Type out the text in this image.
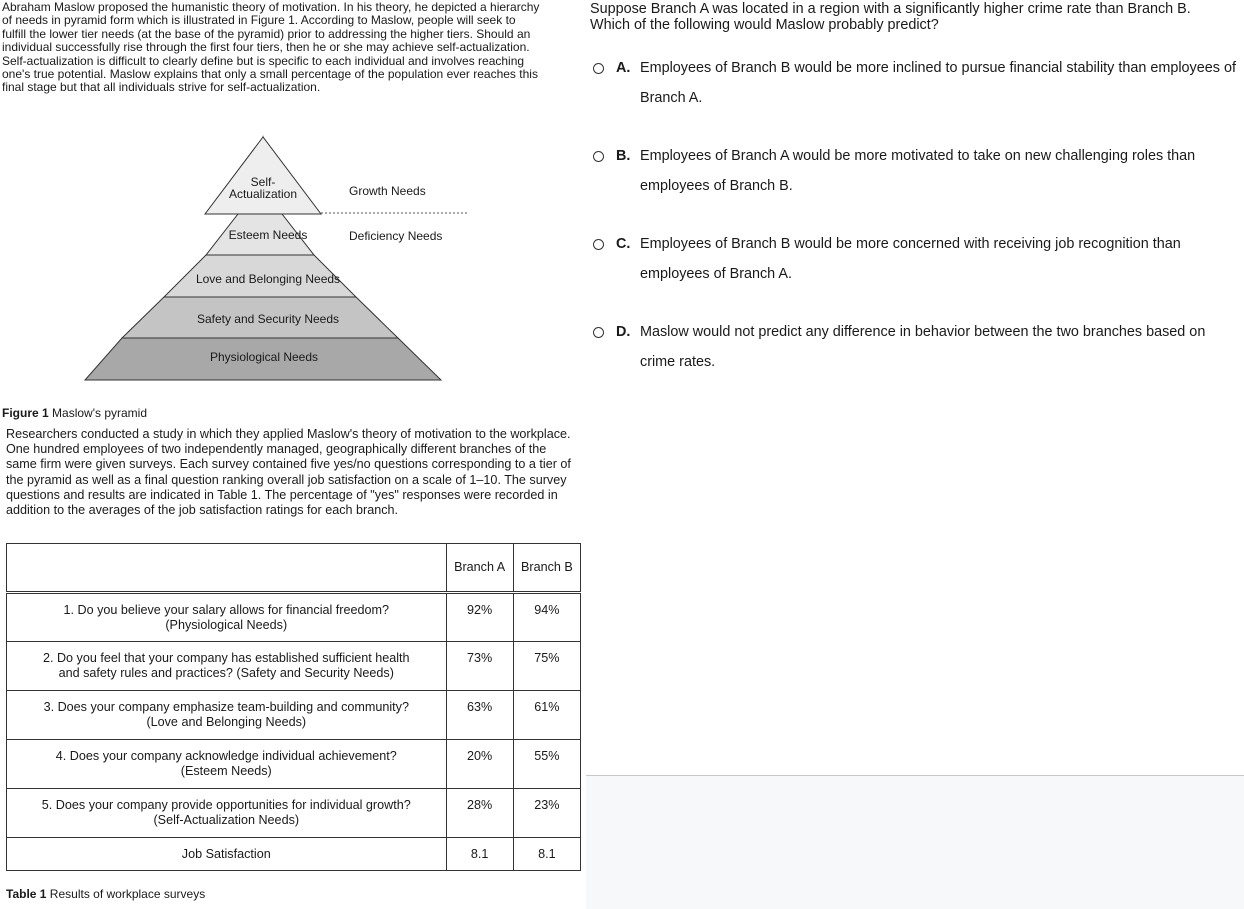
Abraham Maslow proposed the humanistic theory of motivation. In his theory, he depicted a hierarchy of needs in pyramid form which is illustrated in Figure 1. According to Maslow, people will seek to fulfill the lower tier needs (at the base of the pyramid) prior to addressing the higher tiers. Should an individual successfully rise through the first four tiers, then he or she may achieve self-actualization. Self-actualization is difficult to clearly define but is specific to each individual and involves reaching one's true potential. Maslow explains that only a small percentage of the population ever reaches this final stage but that all individuals strive for self-actualization.

Self-
Actualization
Esteem Needs
Love and Belonging Needs
Safety and Security Needs
Physiological Needs
Growth Needs
Deficiency Needs

Figure 1 Maslow's pyramid

Researchers conducted a study in which they applied Maslow's theory of motivation to the workplace. One hundred employees of two independently managed, geographically different branches of the same firm were given surveys. Each survey contained five yes/no questions corresponding to a tier of the pyramid as well as a final question ranking overall job satisfaction on a scale of 1–10. The survey questions and results are indicated in Table 1. The percentage of "yes" responses were recorded in addition to the averages of the job satisfaction ratings for each branch.

	Branch A	Branch B
1. Do you believe your salary allows for financial freedom?
(Physiological Needs)	92%	94%
2. Do you feel that your company has established sufficient health
and safety rules and practices? (Safety and Security Needs)	73%	75%
3. Does your company emphasize team-building and community?
(Love and Belonging Needs)	63%	61%
4. Does your company acknowledge individual achievement?
(Esteem Needs)	20%	55%
5. Does your company provide opportunities for individual growth?
(Self-Actualization Needs)	28%	23%
Job Satisfaction	8.1	8.1

Table 1 Results of workplace surveys

Suppose Branch A was located in a region with a significantly higher crime rate than Branch B. Which of the following would Maslow probably predict?

A. Employees of Branch B would be more inclined to pursue financial stability than employees of Branch A.
B. Employees of Branch A would be more motivated to take on new challenging roles than employees of Branch B.
C. Employees of Branch B would be more concerned with receiving job recognition than employees of Branch A.
D. Maslow would not predict any difference in behavior between the two branches based on crime rates.
